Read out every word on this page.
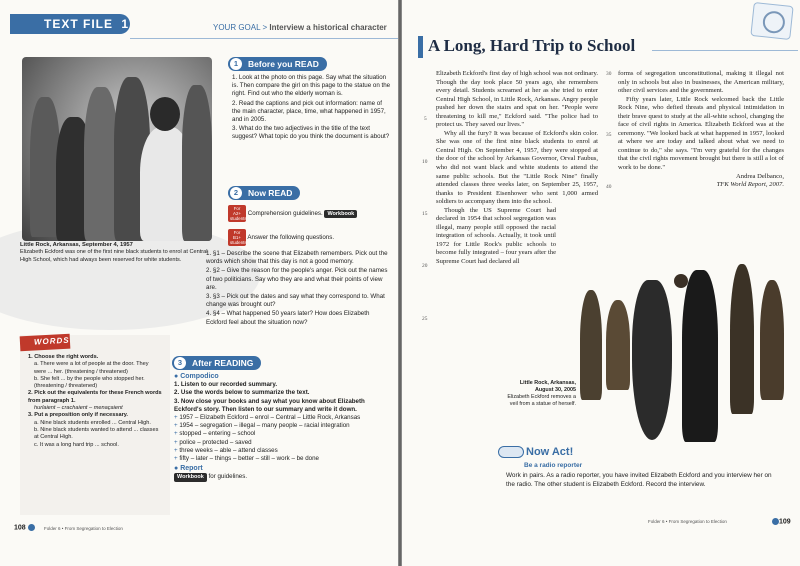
TEXT FILE 1	YOUR GOAL > Interview a historical character
Little Rock, Arkansas, September 4, 1957
Elizabeth Eckford was one of the first nine black students to enrol at Central High School, which had always been reserved for white students.
1	Before you READ
1. Look at the photo on this page. Say what the situation is. Then compare the girl on this page to the statue on the right. Find out who the elderly woman is.
2. Read the captions and pick out information: name of the main character, place, time, what happened in 1957, and in 2005.
3. What do the two adjectives in the title of the text suggest? What topic do you think the document is about?
2	Now READ
For A2+ students Comprehension guidelines. Workbook
For B1+ students Answer the following questions.
1. §1 – Describe the scene that Elizabeth remembers. Pick out the words which show that this day is not a good memory.
2. §2 – Give the reason for the people's anger. Pick out the names of two politicians. Say who they are and what their points of view are.
3. §3 – Pick out the dates and say what they correspond to. What change was brought out?
4. §4 – What happened 50 years later? How does Elizabeth Eckford feel about the situation now?
3	After READING
● Compodico
1. Listen to our recorded summary.
2. Use the words below to summarize the text.
3. Now close your books and say what you know about Elizabeth Eckford's story. Then listen to our summary and write it down.
+ 1957 – Elizabeth Eckford – enrol – Central – Little Rock, Arkansas
+ 1954 – segregation – illegal – many people – racial integration
+ stopped – entering – school
+ police – protected – saved
+ three weeks – able – attend classes
+ fifty – later – things – better – still – work – be done
● Report
Workbook for guidelines.
WORDS
1. Choose the right words.
a. There were a lot of people at the door. They were ... her. (threatening / threatened)
b. She felt ... by the people who stopped her. (threatening / threatened)
2. Pick out the equivalents for these French words from paragraph 1.
hurlaient – crachaient – menaçaient
3. Put a preposition only if necessary.
a. Nine black students enrolled ... Central High.
b. Nine black students wanted to attend ... classes at Central High.
c. It was a long hard trip ... school.
108	Folder 6 • From Segregation to Election
A Long, Hard Trip to School
5
10
15
20
25
30
35
40

Elizabeth Eckford's first day of high school was not ordinary. Though the day took place 50 years ago, she remembers every detail. Students screamed at her as she tried to enter Central High School, in Little Rock, Arkansas. Angry people pushed her down the stairs and spat on her. "People were threatening to kill me," Eckford said. "The police had to protect us. They saved our lives."

Why all the fury? It was because of Eckford's skin color. She was one of the first nine black students to enrol at Central High. On September 4, 1957, they were stopped at the door of the school by Arkansas Governor, Orval Faubus, who did not want black and white students to attend the same public schools. But the "Little Rock Nine" finally attended classes three weeks later, on September 25, 1957, thanks to President Eisenhower who sent 1,000 armed soldiers to accompany them into the school.

Though the US Supreme Court had declared in 1954 that school segregation was illegal, many people still opposed the racial integration of schools. Actually, it took until 1972 for Little Rock's public schools to become fully integrated – four years after the Supreme Court had declared all

forms of segregation unconstitutional, making it illegal not only in schools but also in businesses, the American military, other civil services and the government.

Fifty years later, Little Rock welcomed back the Little Rock Nine, who defied threats and physical intimidation in their brave quest to study at the all-white school, changing the face of civil rights in America. Elizabeth Eckford was at the ceremony. "We looked back at what happened in 1957, looked at where we are today and talked about what we need to continue to do," she says. "I'm very grateful for the changes that the civil rights movement brought but there is still a lot of work to be done."

Andrea Delbanco,

TFK World Report, 2007.

Little Rock, Arkansas, August 30, 2005
Elizabeth Eckford removes a veil from a statue of herself.
Now Act!
Be a radio reporter
Work in pairs. As a radio reporter, you have invited Elizabeth Eckford and you interview her on the radio. The other student is Elizabeth Eckford. Record the interview.
Folder 6 • From Segregation to Election	109
